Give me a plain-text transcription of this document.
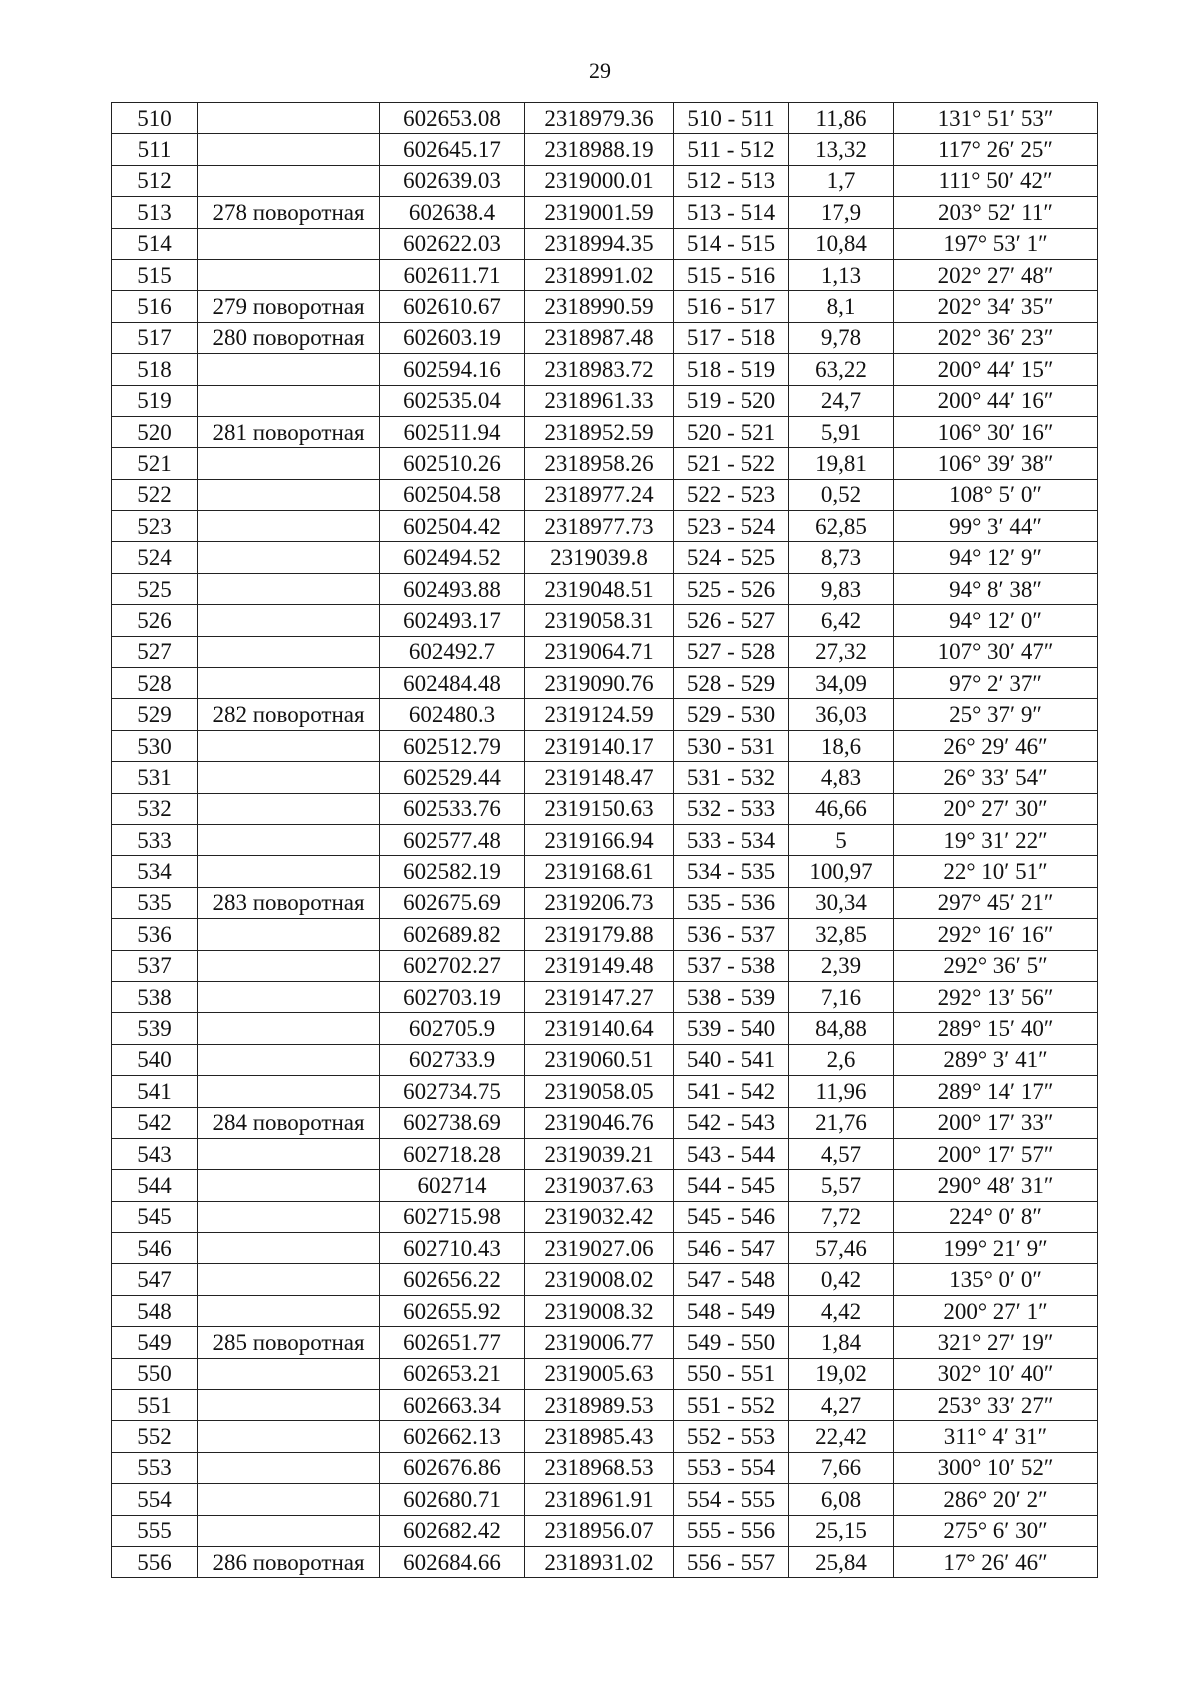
29
510		602653.08	2318979.36	510 - 511	11,86	131° 51′ 53″
511		602645.17	2318988.19	511 - 512	13,32	117° 26′ 25″
512		602639.03	2319000.01	512 - 513	1,7	111° 50′ 42″
513	278 поворотная	602638.4	2319001.59	513 - 514	17,9	203° 52′ 11″
514		602622.03	2318994.35	514 - 515	10,84	197° 53′ 1″
515		602611.71	2318991.02	515 - 516	1,13	202° 27′ 48″
516	279 поворотная	602610.67	2318990.59	516 - 517	8,1	202° 34′ 35″
517	280 поворотная	602603.19	2318987.48	517 - 518	9,78	202° 36′ 23″
518		602594.16	2318983.72	518 - 519	63,22	200° 44′ 15″
519		602535.04	2318961.33	519 - 520	24,7	200° 44′ 16″
520	281 поворотная	602511.94	2318952.59	520 - 521	5,91	106° 30′ 16″
521		602510.26	2318958.26	521 - 522	19,81	106° 39′ 38″
522		602504.58	2318977.24	522 - 523	0,52	108° 5′ 0″
523		602504.42	2318977.73	523 - 524	62,85	99° 3′ 44″
524		602494.52	2319039.8	524 - 525	8,73	94° 12′ 9″
525		602493.88	2319048.51	525 - 526	9,83	94° 8′ 38″
526		602493.17	2319058.31	526 - 527	6,42	94° 12′ 0″
527		602492.7	2319064.71	527 - 528	27,32	107° 30′ 47″
528		602484.48	2319090.76	528 - 529	34,09	97° 2′ 37″
529	282 поворотная	602480.3	2319124.59	529 - 530	36,03	25° 37′ 9″
530		602512.79	2319140.17	530 - 531	18,6	26° 29′ 46″
531		602529.44	2319148.47	531 - 532	4,83	26° 33′ 54″
532		602533.76	2319150.63	532 - 533	46,66	20° 27′ 30″
533		602577.48	2319166.94	533 - 534	5	19° 31′ 22″
534		602582.19	2319168.61	534 - 535	100,97	22° 10′ 51″
535	283 поворотная	602675.69	2319206.73	535 - 536	30,34	297° 45′ 21″
536		602689.82	2319179.88	536 - 537	32,85	292° 16′ 16″
537		602702.27	2319149.48	537 - 538	2,39	292° 36′ 5″
538		602703.19	2319147.27	538 - 539	7,16	292° 13′ 56″
539		602705.9	2319140.64	539 - 540	84,88	289° 15′ 40″
540		602733.9	2319060.51	540 - 541	2,6	289° 3′ 41″
541		602734.75	2319058.05	541 - 542	11,96	289° 14′ 17″
542	284 поворотная	602738.69	2319046.76	542 - 543	21,76	200° 17′ 33″
543		602718.28	2319039.21	543 - 544	4,57	200° 17′ 57″
544		602714	2319037.63	544 - 545	5,57	290° 48′ 31″
545		602715.98	2319032.42	545 - 546	7,72	224° 0′ 8″
546		602710.43	2319027.06	546 - 547	57,46	199° 21′ 9″
547		602656.22	2319008.02	547 - 548	0,42	135° 0′ 0″
548		602655.92	2319008.32	548 - 549	4,42	200° 27′ 1″
549	285 поворотная	602651.77	2319006.77	549 - 550	1,84	321° 27′ 19″
550		602653.21	2319005.63	550 - 551	19,02	302° 10′ 40″
551		602663.34	2318989.53	551 - 552	4,27	253° 33′ 27″
552		602662.13	2318985.43	552 - 553	22,42	311° 4′ 31″
553		602676.86	2318968.53	553 - 554	7,66	300° 10′ 52″
554		602680.71	2318961.91	554 - 555	6,08	286° 20′ 2″
555		602682.42	2318956.07	555 - 556	25,15	275° 6′ 30″
556	286 поворотная	602684.66	2318931.02	556 - 557	25,84	17° 26′ 46″
